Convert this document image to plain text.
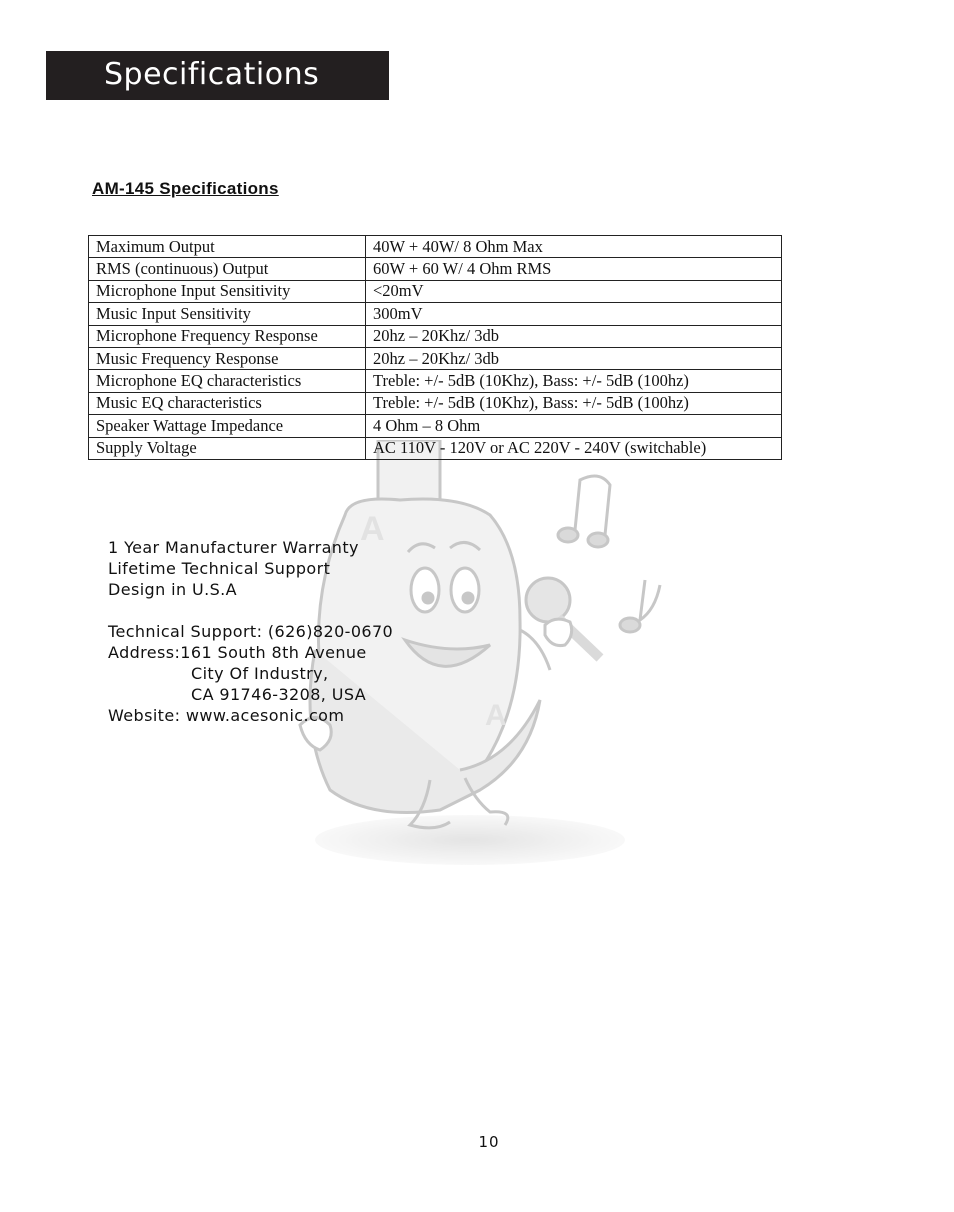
Specifications
AM-145 Specifications
A
A
Maximum Output	40W + 40W/ 8 Ohm Max
RMS (continuous) Output	60W + 60 W/ 4 Ohm RMS
Microphone Input Sensitivity	<20mV
Music Input Sensitivity	300mV
Microphone Frequency Response	20hz – 20Khz/ 3db
Music Frequency Response	20hz – 20Khz/ 3db
Microphone EQ characteristics	Treble: +/- 5dB (10Khz), Bass: +/- 5dB (100hz)
Music EQ characteristics	Treble: +/- 5dB (10Khz), Bass: +/- 5dB (100hz)
Speaker Wattage Impedance	4 Ohm – 8 Ohm
Supply Voltage	AC 110V - 120V or AC 220V - 240V (switchable)
1 Year Manufacturer Warranty
Lifetime Technical Support
Design in U.S.A
Technical Support: (626)820-0670
Address:161 South 8th Avenue
City Of Industry,
CA 91746-3208, USA
Website: www.acesonic.com
10
